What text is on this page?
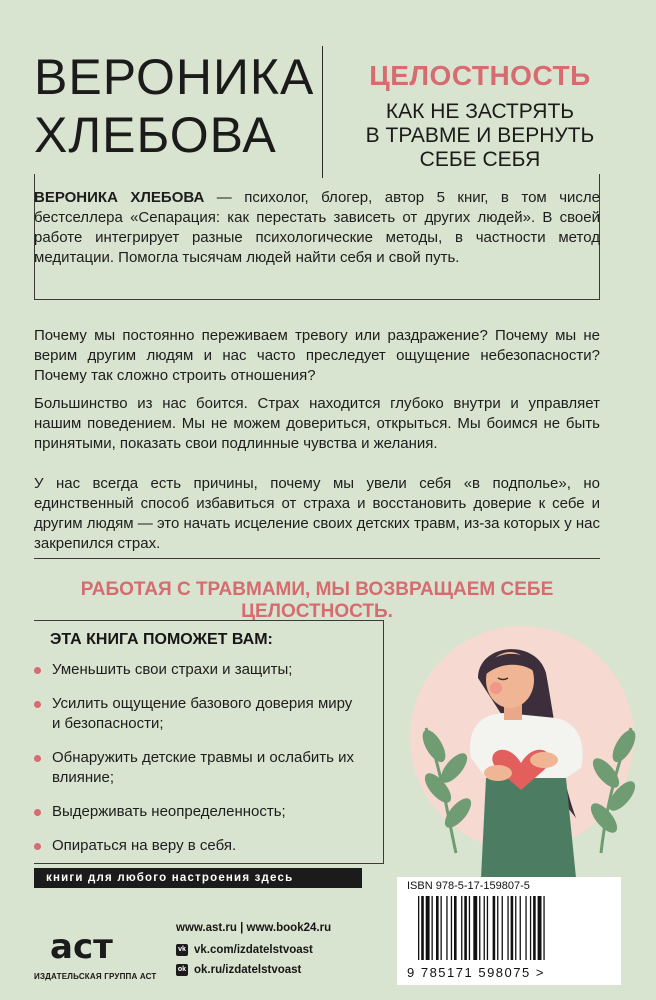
ВЕРОНИКА
ХЛЕБОВА
ЦЕЛОСТНОСТЬ

КАК НЕ ЗАСТРЯТЬ
В ТРАВМЕ И ВЕРНУТЬ
СЕБЕ СЕБЯ

ВЕРОНИКА ХЛЕБОВА — психолог, блогер, автор 5 книг, в том числе бестселлера «Сепарация: как перестать зависеть от других людей». В своей работе интегрирует разные психологические методы, в частности метод медитации. Помогла тысячам людей найти себя и свой путь.

Почему мы постоянно переживаем тревогу или раздражение? Почему мы не верим другим людям и нас часто преследует ощущение небезопасности? Почему так сложно строить отношения?

Большинство из нас боится. Страх находится глубоко внутри и управляет нашим поведением. Мы не можем довериться, открыться. Мы боимся не быть принятыми, показать свои подлинные чувства и желания.

У нас всегда есть причины, почему мы увели себя «в подполье», но единственный способ избавиться от страха и восстановить доверие к себе и другим людям — это начать исцеление своих детских травм, из-за которых у нас закрепился страх.

РАБОТАЯ С ТРАВМАМИ, МЫ ВОЗВРАЩАЕМ СЕБЕ ЦЕЛОСТНОСТЬ.

ЭТА КНИГА ПОМОЖЕТ ВАМ:

Уменьшить свои страхи и защиты;
Усилить ощущение базового доверия миру и безопасности;
Обнаружить детские травмы и ослабить их влияние;
Выдерживать неопределенность;
Опираться на веру в себя.

книги для любого настроения здесь

аст

ИЗДАТЕЛЬСКАЯ ГРУППА АСТ

www.ast.ru | www.book24.ru

vk vk.com/izdatelstvoast

ok ok.ru/izdatelstvoast

ISBN 978-5-17-159807-5

9 785171 598075 >
